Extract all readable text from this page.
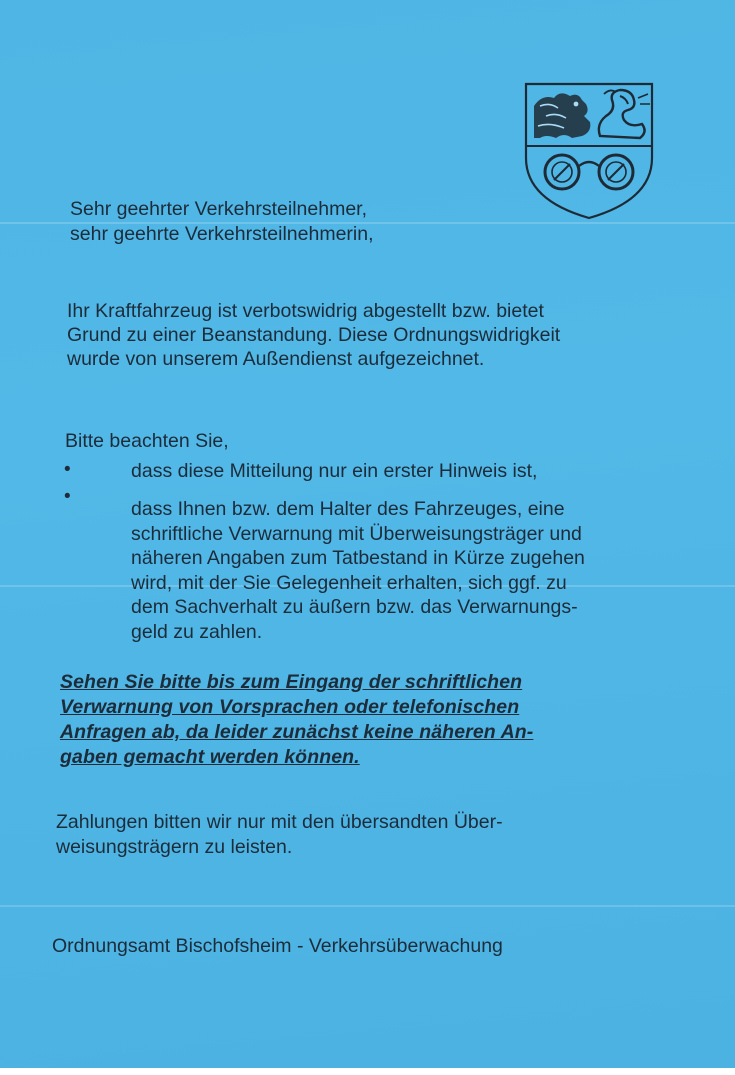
Sehr geehrter Verkehrsteilnehmer,
sehr geehrte Verkehrsteilnehmerin,
Ihr Kraftfahrzeug ist verbotswidrig abgestellt bzw. bietet
Grund zu einer Beanstandung. Diese Ordnungswidrigkeit
wurde von unserem Außendienst aufgezeichnet.
Bitte beachten Sie,
•
•
dass diese Mitteilung nur ein erster Hinweis ist,
dass Ihnen bzw. dem Halter des Fahrzeuges, eine
schriftliche Verwarnung mit Überweisungsträger und
näheren Angaben zum Tatbestand in Kürze zugehen
wird, mit der Sie Gelegenheit erhalten, sich ggf. zu
dem Sachverhalt zu äußern bzw. das Verwarnungs-
geld zu zahlen.
Sehen Sie bitte bis zum Eingang der schriftlichen
Verwarnung von Vorsprachen oder telefonischen
Anfragen ab, da leider zunächst keine näheren An-
gaben gemacht werden können.
Zahlungen bitten wir nur mit den übersandten Über-
weisungsträgern zu leisten.
Ordnungsamt Bischofsheim - Verkehrsüberwachung
